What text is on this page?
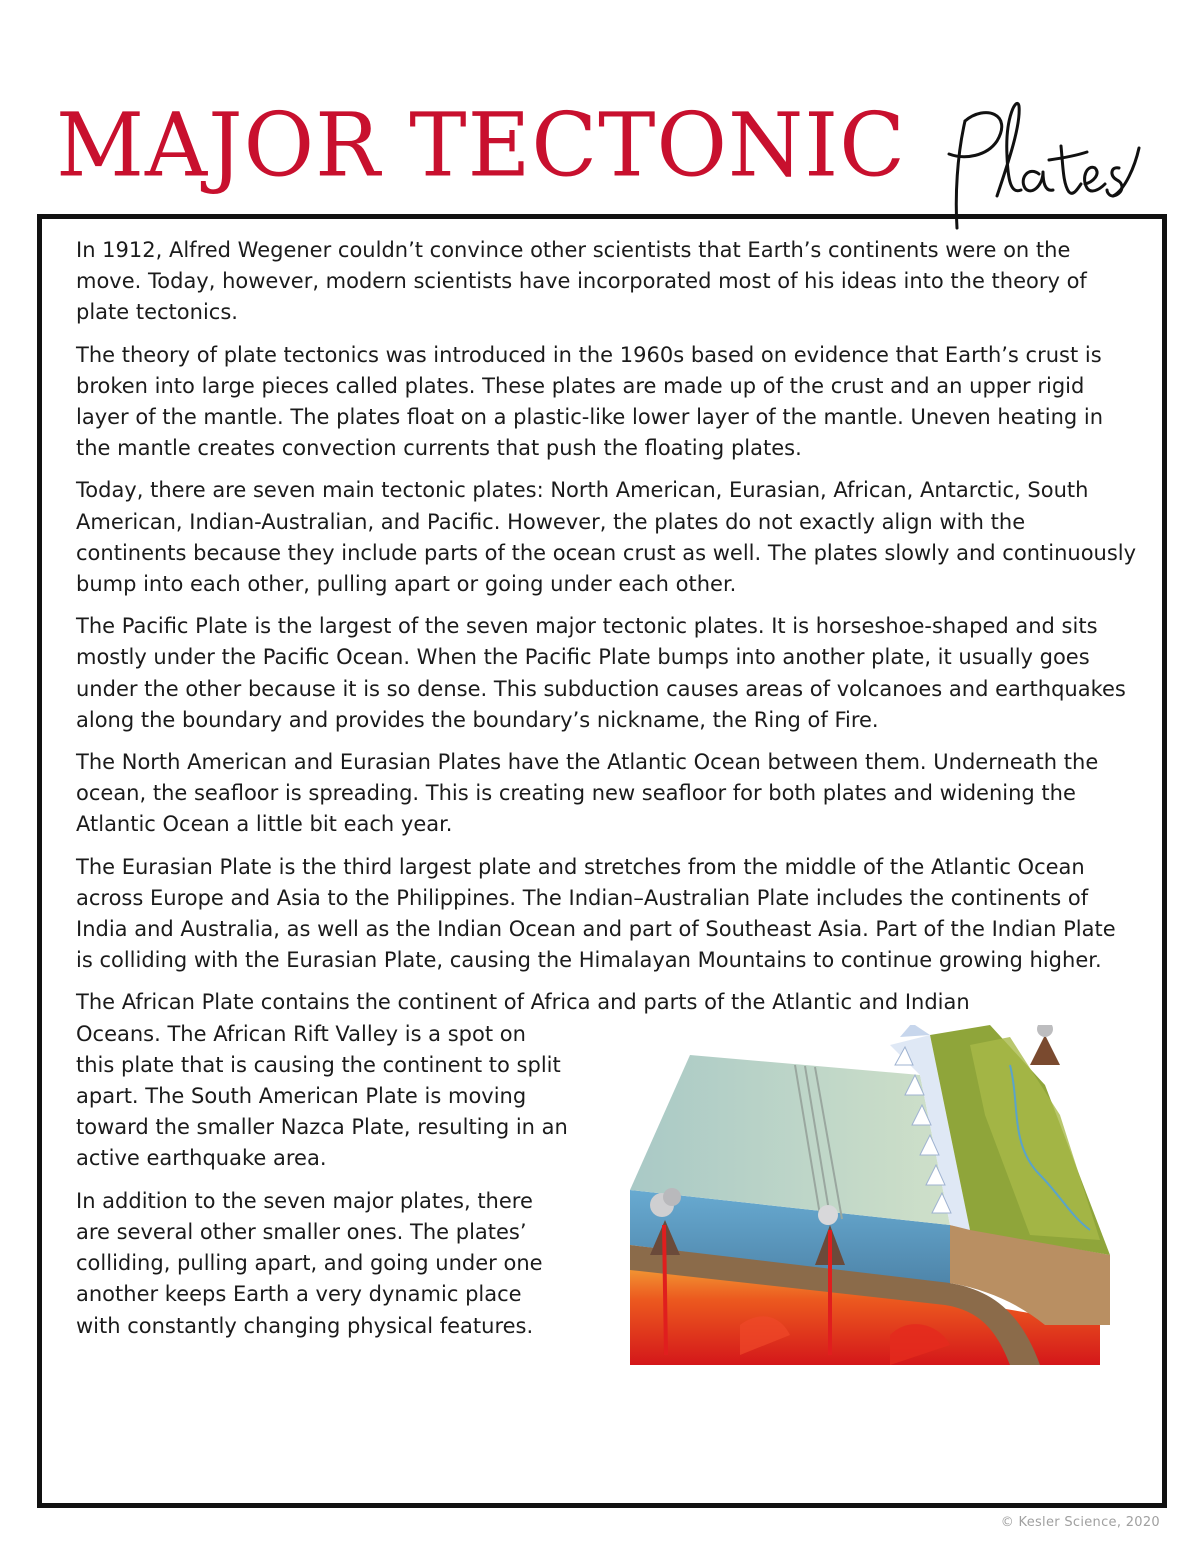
MAJOR TECTONIC

In 1912, Alfred Wegener couldn’t convince other scientists that Earth’s continents were on the move. Today, however, modern scientists have incorporated most of his ideas into the theory of plate tectonics.

The theory of plate tectonics was introduced in the 1960s based on evidence that Earth’s crust is broken into large pieces called plates. These plates are made up of the crust and an upper rigid layer of the mantle. The plates float on a plastic-like lower layer of the mantle. Uneven heating in the mantle creates convection currents that push the floating plates.

Today, there are seven main tectonic plates: North American, Eurasian, African, Antarctic, South American, Indian-Australian, and Pacific. However, the plates do not exactly align with the continents because they include parts of the ocean crust as well. The plates slowly and continuously bump into each other, pulling apart or going under each other.

The Pacific Plate is the largest of the seven major tectonic plates. It is horseshoe-shaped and sits mostly under the Pacific Ocean. When the Pacific Plate bumps into another plate, it usually goes under the other because it is so dense. This subduction causes areas of volcanoes and earthquakes along the boundary and provides the boundary’s nickname, the Ring of Fire.

The North American and Eurasian Plates have the Atlantic Ocean between them. Underneath the ocean, the seafloor is spreading. This is creating new seafloor for both plates and widening the Atlantic Ocean a little bit each year.

The Eurasian Plate is the third largest plate and stretches from the middle of the Atlantic Ocean across Europe and Asia to the Philippines. The Indian–Australian Plate includes the continents of India and Australia, as well as the Indian Ocean and part of Southeast Asia. Part of the Indian Plate is colliding with the Eurasian Plate, causing the Himalayan Mountains to continue growing higher.

The African Plate contains the continent of Africa and parts of the Atlantic and Indian

Oceans. The African Rift Valley is a spot on this plate that is causing the continent to split apart. The South American Plate is moving toward the smaller Nazca Plate, resulting in an active earthquake area.

In addition to the seven major plates, there are several other smaller ones. The plates’ colliding, pulling apart, and going under one another keeps Earth a very dynamic place with constantly changing physical features.

© Kesler Science, 2020
